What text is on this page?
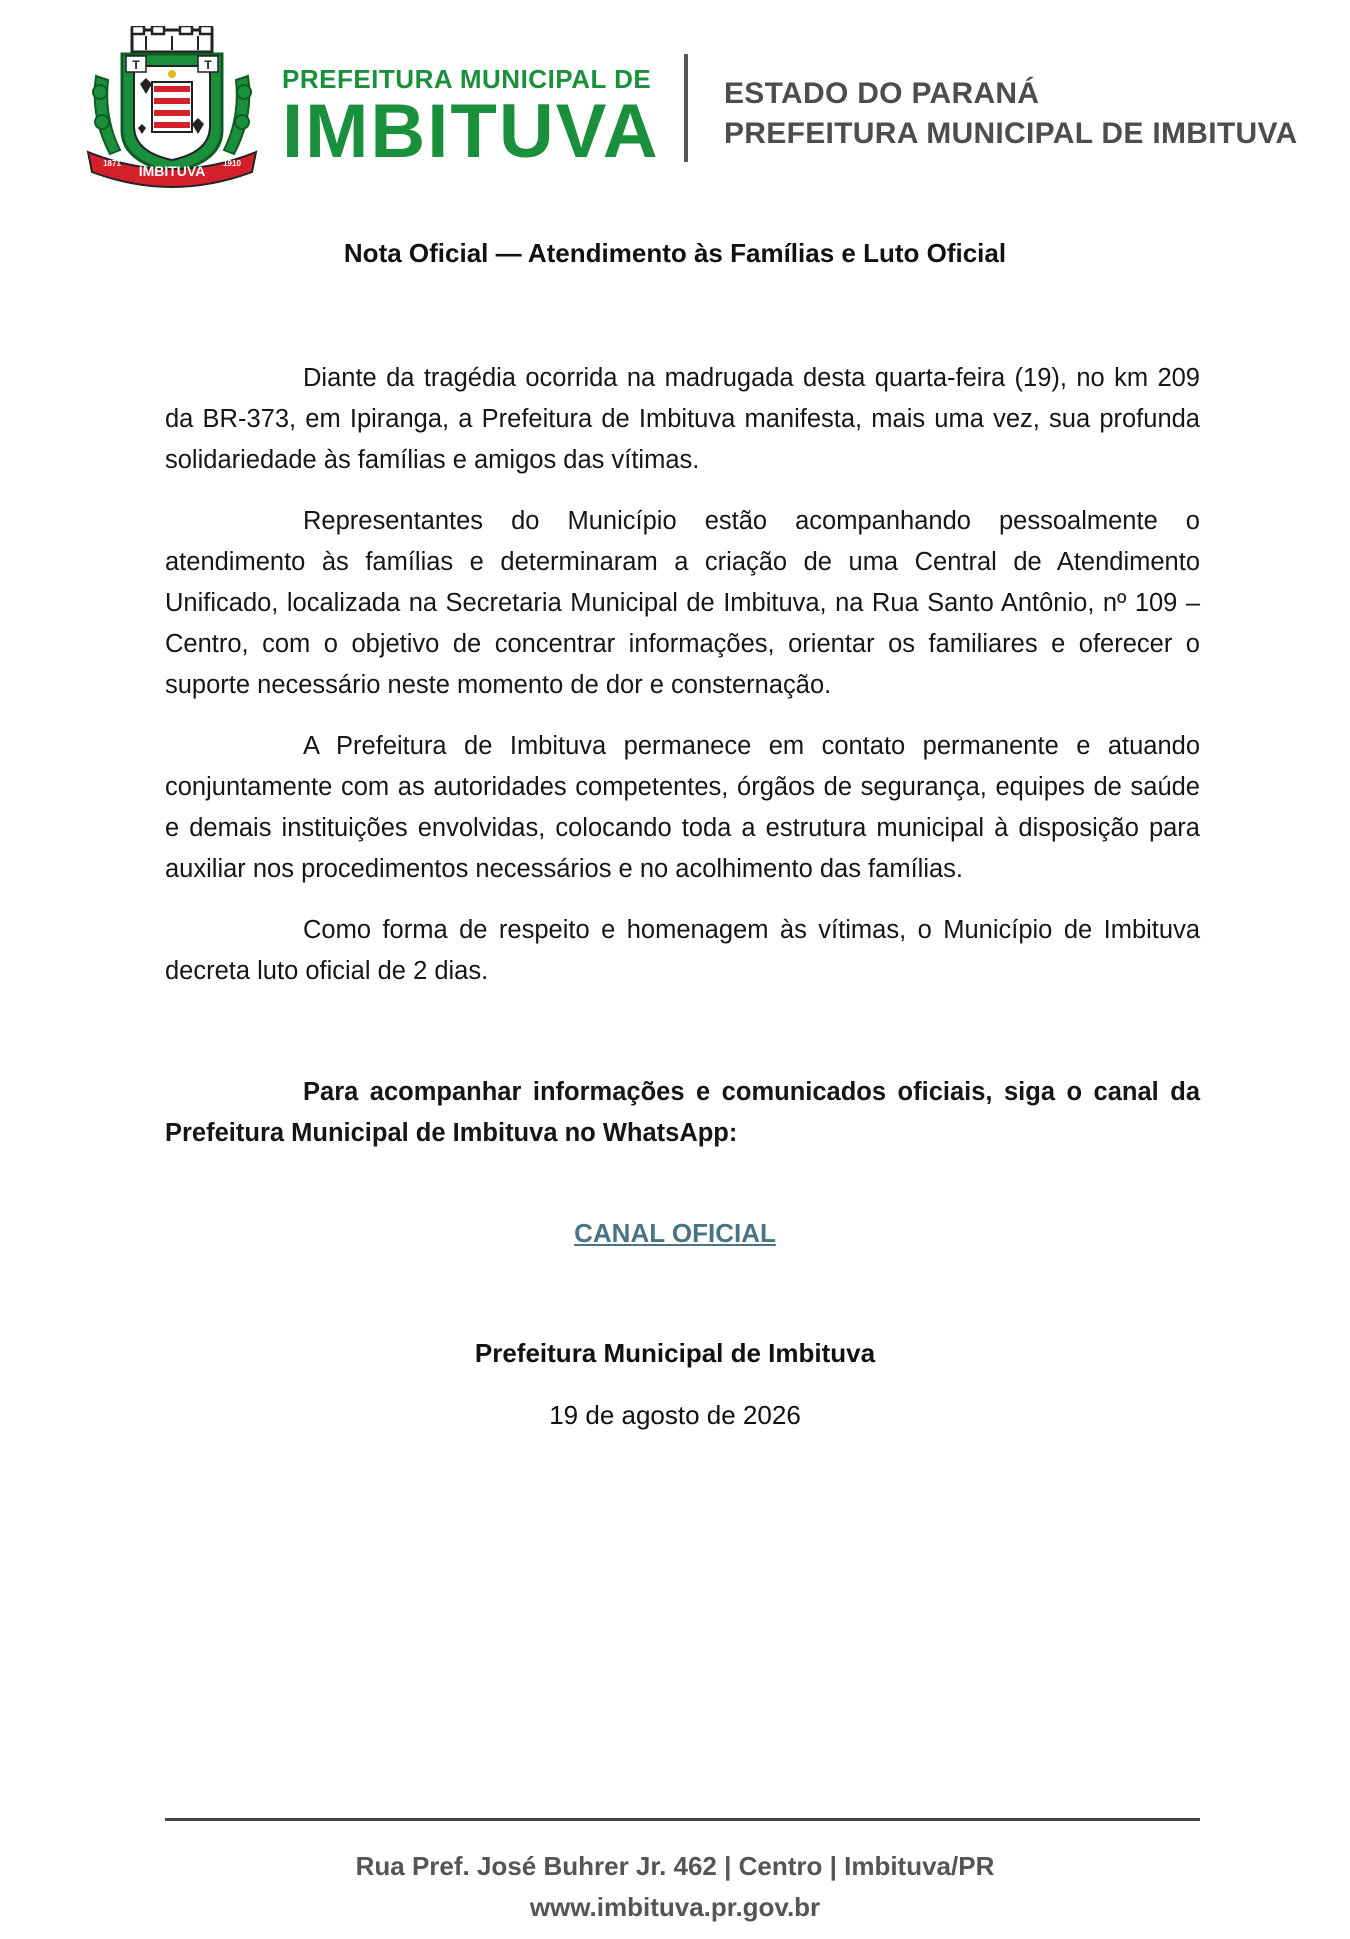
T	T
IMBITUVA
1871	1910
PREFEITURA MUNICIPAL DE
IMBITUVA ESTADO DO PARANÁ
PREFEITURA MUNICIPAL DE IMBITUVA
Nota Oficial — Atendimento às Famílias e Luto Oficial

Diante da tragédia ocorrida na madrugada desta quarta-feira (19), no km 209 da BR-373, em Ipiranga, a Prefeitura de Imbituva manifesta, mais uma vez, sua profunda solidariedade às famílias e amigos das vítimas.

Representantes do Município estão acompanhando pessoalmente o atendimento às famílias e determinaram a criação de uma Central de Atendimento Unificado, localizada na Secretaria Municipal de Imbituva, na Rua Santo Antônio, nº 109 – Centro, com o objetivo de concentrar informações, orientar os familiares e oferecer o suporte necessário neste momento de dor e consternação.

A Prefeitura de Imbituva permanece em contato permanente e atuando conjuntamente com as autoridades competentes, órgãos de segurança, equipes de saúde e demais instituições envolvidas, colocando toda a estrutura municipal à disposição para auxiliar nos procedimentos necessários e no acolhimento das famílias.

Como forma de respeito e homenagem às vítimas, o Município de Imbituva decreta luto oficial de 2 dias.

Para acompanhar informações e comunicados oficiais, siga o canal da Prefeitura Municipal de Imbituva no WhatsApp:

CANAL OFICIAL
Prefeitura Municipal de Imbituva
19 de agosto de 2026
Rua Pref. José Buhrer Jr. 462 | Centro | Imbituva/PR
www.imbituva.pr.gov.br
